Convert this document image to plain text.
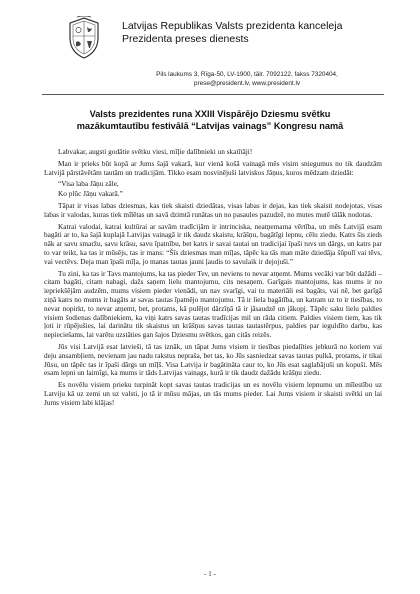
Latvijas Republikas Valsts prezidenta kanceleja
Prezidenta preses dienests
Pils laukums 3, Rīga-50, LV-1900, tālr. 7092122, fakss 7320404,
prese@president.lv, www.president.lv
Valsts prezidentes runa XXIII Vispārējo Dziesmu svētku
mazākumtautību festivālā “Latvijas vainags” Kongresu namā

Labvakar, augsti godātie svētku viesi, mīļie dalībnieki un skatītāji!

Man ir prieks būt kopā ar Jums šajā vakarā, kur vienā košā vainagā mēs visim sniegumus no tik daudzām Latvijā pārstāvētām tautām un tradicijām. Tikko esam nosvinējuši latviskos Jāņus, kuros mēdzam dziedāt:

“Visa laba Jāņu zāle,

Ko plūc Jāņu vakarā.”

Tāpat ir visas labas dziesmas, kas tiek skaisti dziedātas, visas labas ir dejas, kas tiek skaisti nodejotas, visas labas ir valodas, kuras tiek mīlētas un savā dzimtā runātas un no pasaules pazudzē, no mutes mutē tālāk nodotas.

Katrai valodai, katrai kultūrai ar savām tradīcijām ir intrinciska, neatņemama vērtība, un mēs Latvijā esam bagāti ar to, ka šajā kuplajā Latvijas vainagā ir tik daudz skaistu, krāšņu, bagātīgi lepnu, cēlu ziedu. Katrs šis zieds nāk ar savu smaržu, savu krāsu, savu īpatnību, bet katrs ir savai tautai un tradicijai īpaši tuvs un dārgs, un katrs par to var teikt, ka tas ir mūsējs, tas ir mans: “Šīs dziesmas man mīļas, tāpēc ka tās man māte dziedāja šūpulī vai tēvs, vai vectēvs. Deja man īpaši mīļa, jo manas tautas jauni ļaudis to savulaik ir dejojuši.”

Tu zini, ka tas ir Tavs mantojums, ka tas pieder Tev, un neviens to nevar atņemt. Mums vecāki var būt dažādi – citam bagāti, citam nabagi, dažs saņem lielu mantojumu, cits nesaņem. Garīgais mantojums, kas mums ir no iepriekšējām audzēm, mums visiem pieder vienādi, un nav svarīgi, vai tu materiāli esi bagāts, vai nē, bet garīgā ziņā katrs no mums ir bagāts ar savas tautas īpatnējo mantojumu. Tā ir liela bagātība, un katram uz to ir tiesības, to nevar nopirkt, to nevar atņemt, bet, protams, kā pulējot dārzīņā tā ir jāsaudzē un jākopj. Tāpēc saku lielu paldies visiem šodienas dalībniekiem, ka viņi katrs savas tautas tradīcijas mil un rāda citiem. Paldies visiem tiem, kas tik ļoti ir rūpējušies, lai darinātu tik skaistus un krāšņus savas tautas tautastērpus, paldies par ieguldīto darbu, kas nepieciešams, lai varētu uzstāties gan šajos Dziesmu svētkos, gan citās reizēs.

Jūs visi Latvijā esat latvieši, tā tas iznāk, un tāpat Jums visiem ir tiesības piedalīties jebkurā no koriem vai deju ansambļiem, nevienam jau nadu rakstus nepraša, bet tas, ko Jūs sasniedzat savas tautas pulkā, protams, ir tikai Jūsu, un tāpēc tas ir īpaši dārgs un mīļš. Visa Latvija ir bagātināta caur to, ko Jūs esat saglabājuši un kopuši. Mēs esam lepni un laimīgi, ka mums ir tāds Latvijas vainags, kurā ir tik daudz dažādu krāšņu ziedu.

Es novēlu visiem prieku turpināt kopt savas tautas tradicijas un es novēlu visiem lepnumu un mīlestību uz Latviju kā uz zemi un uz valsti, jo tā ir mūsu mājas, un tās mums pieder. Lai Jums visiem ir skaisti svētki un lai Jums visiem labi klājas!

- 1 -
